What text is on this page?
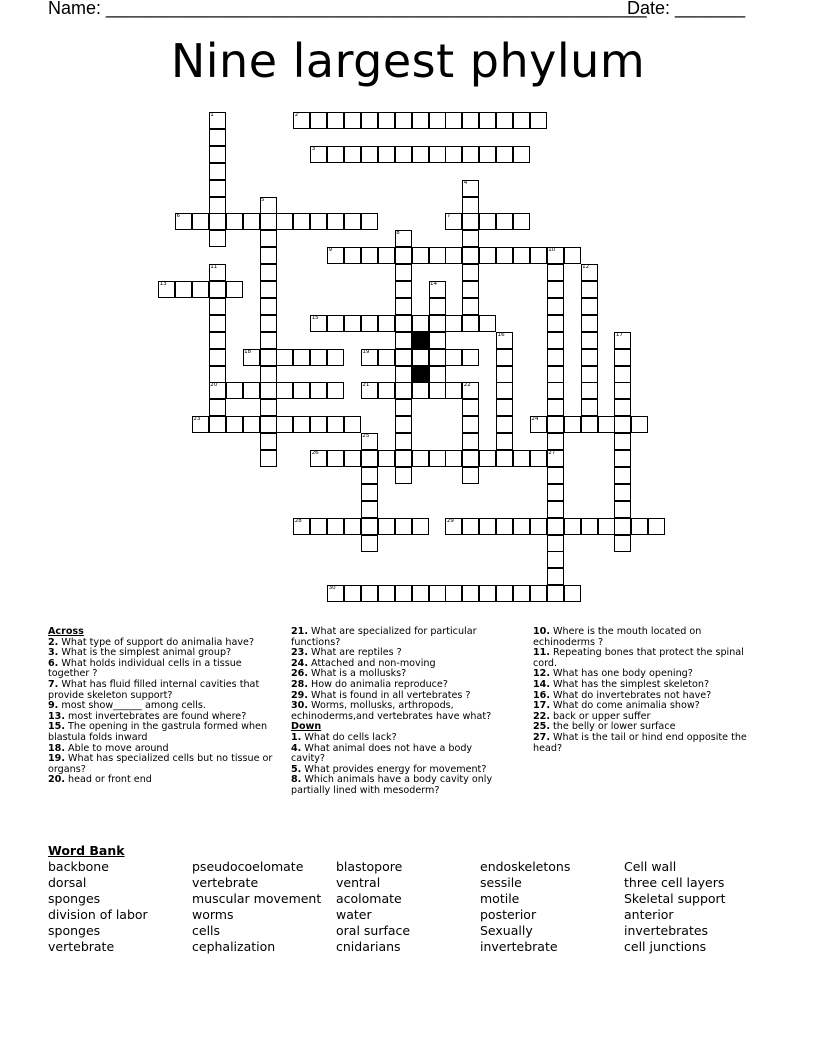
Name: ______________________________________________________
Date: _______
Nine largest phylum
2
3
6	7
9
13
15
18	19
20	21
23	24
26
28	29
30
1
4
5
8
10
11	12
14
16	17
22
25
27
Across
2. What type of support do animalia have?
3. What is the simplest animal group?
6. What holds individual cells in a tissue together ?
7. What has fluid filled internal cavities that provide skeleton support?
9. most show______ among cells.
13. most invertebrates are found where?
15. The opening in the gastrula formed when blastula folds inward
18. Able to move around
19. What has specialized cells but no tissue or organs?
20. head or front end
21. What are specialized for particular functions?
23. What are reptiles ?
24. Attached and non-moving
26. What is a mollusks?
28. How do animalia reproduce?
29. What is found in all vertebrates ?
30. Worms, mollusks, arthropods, echinoderms,and vertebrates have what?
Down
1. What do cells lack?
4. What animal does not have a body cavity?
5. What provides energy for movement?
8. Which animals have a body cavity only partially lined with mesoderm?
10. Where is the mouth located on echinoderms ?
11. Repeating bones that protect the spinal cord.
12. What has one body opening?
14. What has the simplest skeleton?
16. What do invertebrates not have?
17. What do come animalia show?
22. back or upper suffer
25. the belly or lower surface
27. What is the tail or hind end opposite the head?
Word Bank
backbone
dorsal
sponges
division of labor
sponges
vertebrate
pseudocoelomate
vertebrate
muscular movement
worms
cells
cephalization
blastopore
ventral
acolomate
water
oral surface
cnidarians
endoskeletons
sessile
motile
posterior
Sexually
invertebrate
Cell wall
three cell layers
Skeletal support
anterior
invertebrates
cell junctions
